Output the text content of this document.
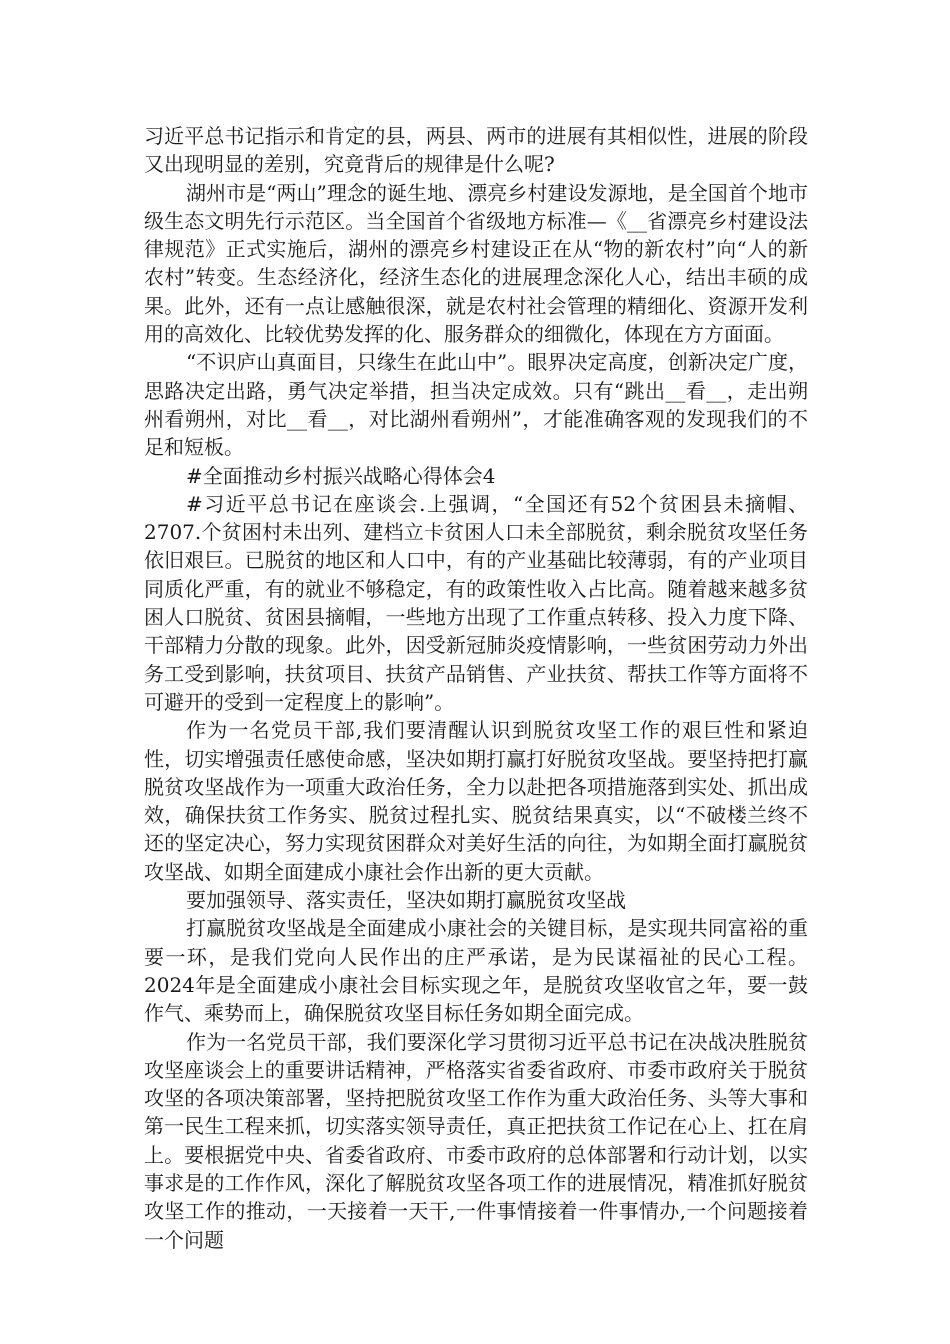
习近平总书记指示和肯定的县，两县、两市的进展有其相似性，进展的阶段又出现明显的差别，究竟背后的规律是什么呢?

湖州市是“两山”理念的诞生地、漂亮乡村建设发源地，是全国首个地市级生态文明先行示范区。当全国首个省级地方标准—《__省漂亮乡村建设法律规范》正式实施后，湖州的漂亮乡村建设正在从“物的新农村”向“人的新农村”转变。生态经济化，经济生态化的进展理念深化人心，结出丰硕的成果。此外，还有一点让感触很深，就是农村社会管理的精细化、资源开发利用的高效化、比较优势发挥的化、服务群众的细微化，体现在方方面面。

“不识庐山真面目，只缘生在此山中”。眼界决定高度，创新决定广度，思路决定出路，勇气决定举措，担当决定成效。只有“跳出__看__，走出朔州看朔州，对比__看__，对比湖州看朔州”，才能准确客观的发现我们的不足和短板。

#全面推动乡村振兴战略心得体会4

#习近平总书记在座谈会.上强调，“全国还有52个贫困县未摘帽、2707.个贫困村未出列、建档立卡贫困人口未全部脱贫，剩余脱贫攻坚任务依旧艰巨。已脱贫的地区和人口中，有的产业基础比较薄弱，有的产业项目同质化严重，有的就业不够稳定，有的政策性收入占比高。随着越来越多贫困人口脱贫、贫困县摘帽，一些地方出现了工作重点转移、投入力度下降、干部精力分散的现象。此外，因受新冠肺炎疫情影响，一些贫困劳动力外出务工受到影响，扶贫项目、扶贫产品销售、产业扶贫、帮扶工作等方面将不可避开的受到一定程度上的影响”。

作为一名党员干部,我们要清醒认识到脱贫攻坚工作的艰巨性和紧迫性，切实增强责任感使命感，坚决如期打赢打好脱贫攻坚战。要坚持把打赢脱贫攻坚战作为一项重大政治任务，全力以赴把各项措施落到实处、抓出成效，确保扶贫工作务实、脱贫过程扎实、脱贫结果真实，以“不破楼兰终不还的坚定决心，努力实现贫困群众对美好生活的向往，为如期全面打赢脱贫攻坚战、如期全面建成小康社会作出新的更大贡献。

要加强领导、落实责任，坚决如期打赢脱贫攻坚战

打赢脱贫攻坚战是全面建成小康社会的关键目标，是实现共同富裕的重要一环，是我们党向人民作出的庄严承诺，是为民谋福祉的民心工程。2024年是全面建成小康社会目标实现之年，是脱贫攻坚收官之年，要一鼓作气、乘势而上，确保脱贫攻坚目标任务如期全面完成。

作为一名党员干部，我们要深化学习贯彻习近平总书记在决战决胜脱贫攻坚座谈会上的重要讲话精神，严格落实省委省政府、市委市政府关于脱贫攻坚的各项决策部署，坚持把脱贫攻坚工作作为重大政治任务、头等大事和第一民生工程来抓，切实落实领导责任，真正把扶贫工作记在心上、扛在肩上。要根据党中央、省委省政府、市委市政府的总体部署和行动计划，以实事求是的工作作风，深化了解脱贫攻坚各项工作的进展情况，精准抓好脱贫攻坚工作的推动，一天接着一天干,一件事情接着一件事情办,一个问题接着一个问题
